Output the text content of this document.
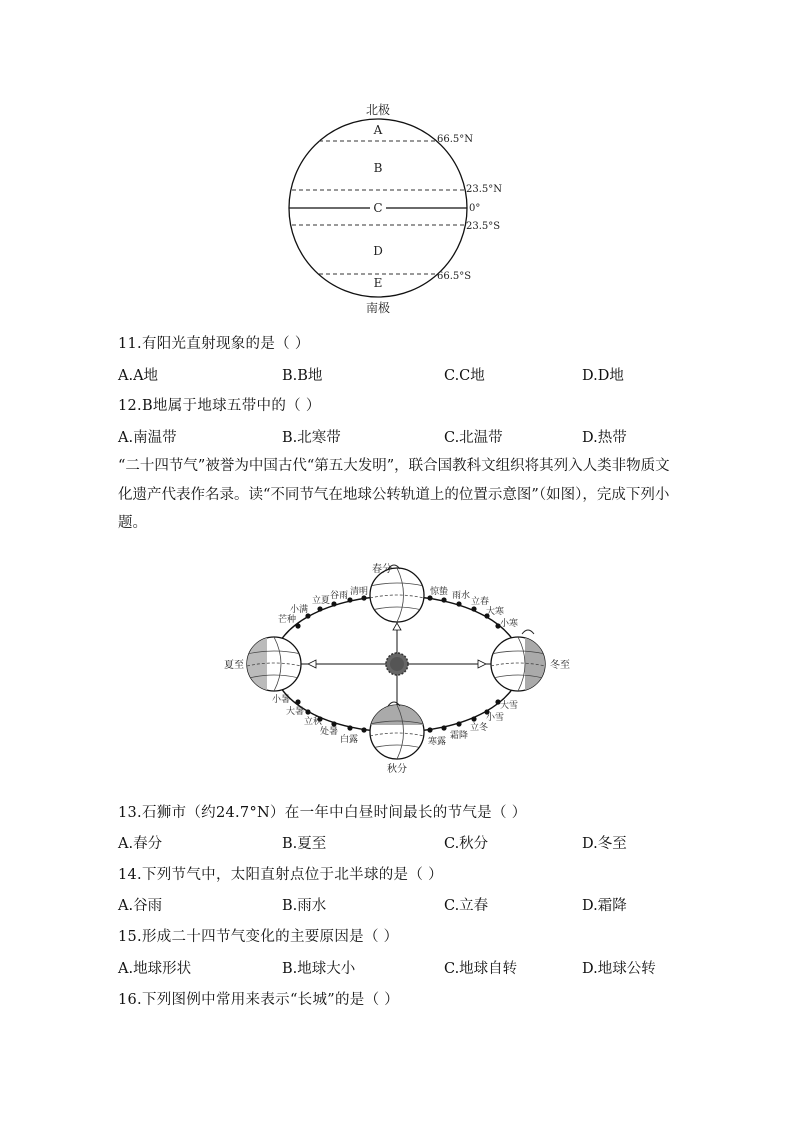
北极
A
B
C
D
E
66.5°N
23.5°N
0°
23.5°S
66.5°S
南极
11.有阳光直射现象的是（ ）
A.A地	B.B地	C.C地	D.D地
12.B地属于地球五带中的（ ）
A.南温带	B.北寒带	C.北温带	D.热带

“二十四节气”被誉为中国古代“第五大发明”，联合国教科文组织将其列入人类非物质文

化遗产代表作名录。读“不同节气在地球公转轨道上的位置示意图”（如图），完成下列小

题。

春分
夏至
秋分
冬至
芒种
小满
立夏 谷雨 清明	惊蛰 雨水
立春
大寒
小寒
小暑
大暑
立秋
处暑
白露	寒露
霜降
立冬
小雪
大雪
13.石狮市（约24.7°N）在一年中白昼时间最长的节气是（ ）
A.春分	B.夏至	C.秋分	D.冬至
14.下列节气中，太阳直射点位于北半球的是（ ）
A.谷雨	B.雨水	C.立春	D.霜降
15.形成二十四节气变化的主要原因是（ ）
A.地球形状	B.地球大小	C.地球自转	D.地球公转
16.下列图例中常用来表示“长城”的是（ ）
